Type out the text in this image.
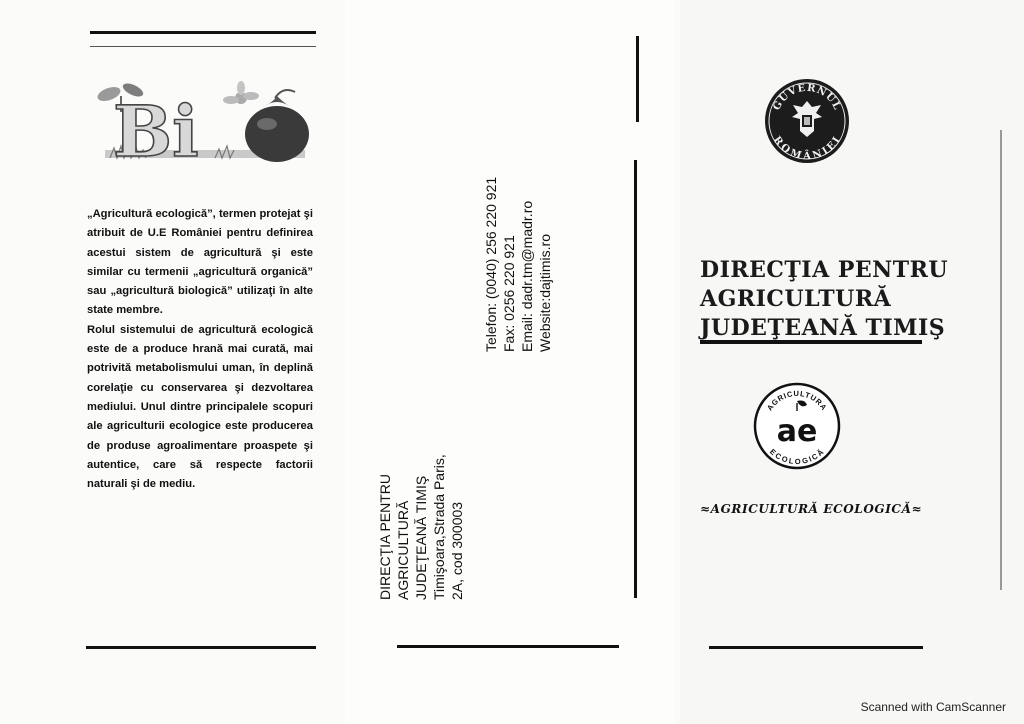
Bi

„Agricultură ecologică”, termen protejat şi atribuit de U.E României pentru definirea acestui sistem de agricultură şi este similar cu termenii „agricultură organică” sau „agricultură biologică” utilizaţi în alte state membre.

Rolul sistemului de agricultură ecologică este de a produce hrană mai curată, mai potrivită metabolismului uman, în deplină corelaţie cu conservarea şi dezvoltarea mediului. Unul dintre principalele scopuri ale agriculturii ecologice este producerea de produse agroalimentare proaspete şi autentice, care să respecte factorii naturali şi de mediu.

Telefon: (0040) 256 220 921 Fax: 0256 220 921 Email: dadr.tm@madr.ro Website:dajtimis.ro
DIRECŢIA PENTRU AGRICULTURĂ JUDEŢEANĂ TIMIŞ Timişoara,Strada Paris, 2A, cod 300003
GUVERNUL
ROMÂNIEI
DIRECŢIA PENTRU
AGRICULTURĂ
JUDEŢEANĂ TIMIŞ
AGRICULTURA
ECOLOGICĂ
ae
≈AGRICULTURĂ ECOLOGICĂ≈
Scanned with CamScanner
